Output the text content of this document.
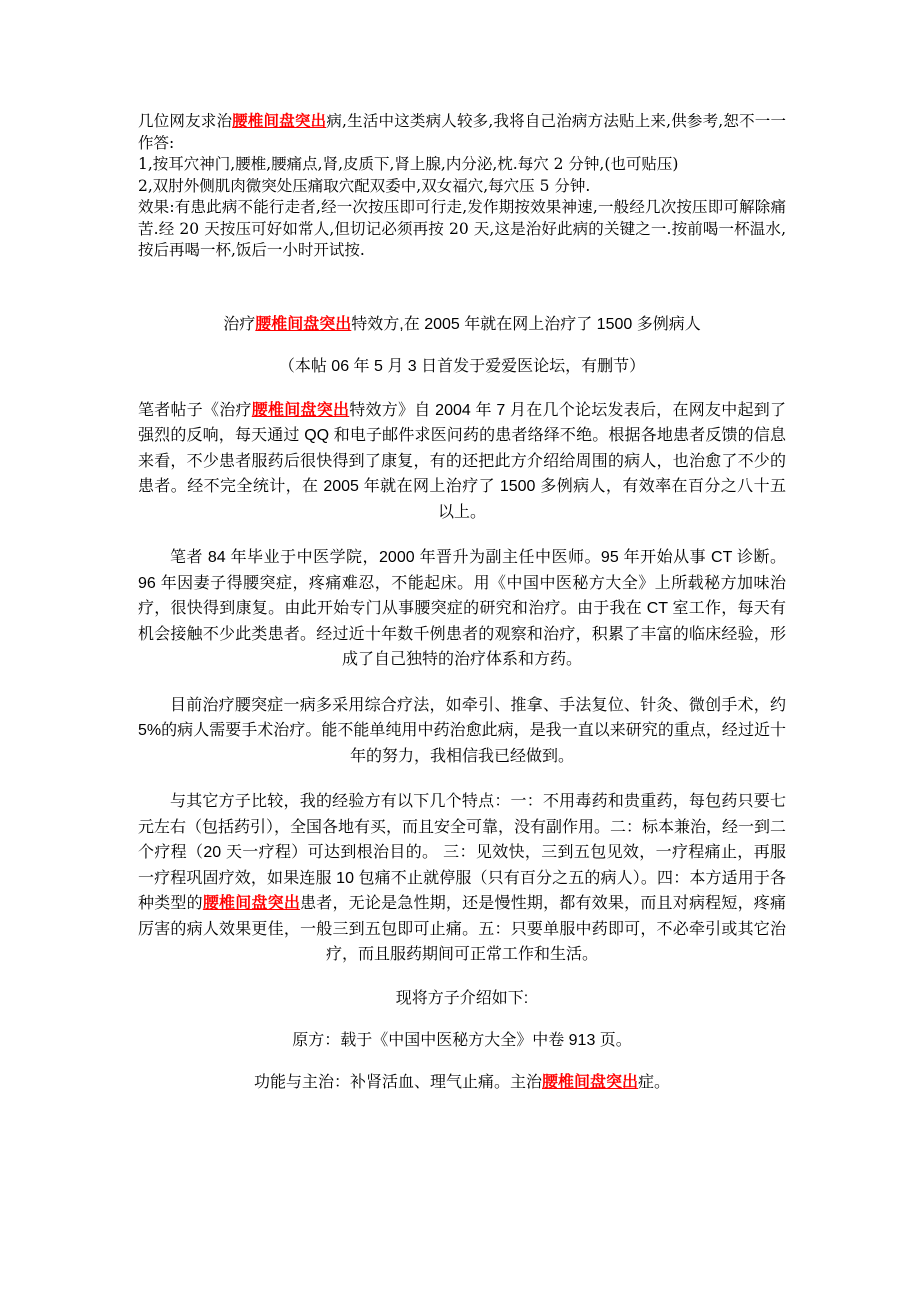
几位网友求治腰椎间盘突出病,生活中这类病人较多,我将自己治病方法贴上来,供参考,恕不一一作答:

1,按耳穴神门,腰椎,腰痛点,肾,皮质下,肾上腺,内分泌,枕.每穴 2 分钟,(也可贴压)

2,双肘外侧肌肉微突处压痛取穴配双委中,双女福穴,每穴压 5 分钟.

效果:有患此病不能行走者,经一次按压即可行走,发作期按效果神速,一般经几次按压即可解除痛苦.经 20 天按压可好如常人,但切记必须再按 20 天,这是治好此病的关键之一.按前喝一杯温水,按后再喝一杯,饭后一小时开试按.

治疗腰椎间盘突出特效方,在 2005 年就在网上治疗了 1500 多例病人

（本帖 06 年 5 月 3 日首发于爱爱医论坛，有删节）

笔者帖子《治疗腰椎间盘突出特效方》自 2004 年 7 月在几个论坛发表后，在网友中起到了强烈的反响，每天通过 QQ 和电子邮件求医问药的患者络绎不绝。根据各地患者反馈的信息来看，不少患者服药后很快得到了康复，有的还把此方介绍给周围的病人，也治愈了不少的患者。经不完全统计，在 2005 年就在网上治疗了 1500 多例病人，有效率在百分之八十五以上。
笔者 84 年毕业于中医学院，2000 年晋升为副主任中医师。95 年开始从事 CT 诊断。96 年因妻子得腰突症，疼痛难忍，不能起床。用《中国中医秘方大全》上所载秘方加味治疗，很快得到康复。由此开始专门从事腰突症的研究和治疗。由于我在 CT 室工作，每天有机会接触不少此类患者。经过近十年数千例患者的观察和治疗，积累了丰富的临床经验，形成了自己独特的治疗体系和方药。
目前治疗腰突症一病多采用综合疗法，如牵引、推拿、手法复位、针灸、微创手术，约 5%的病人需要手术治疗。能不能单纯用中药治愈此病，是我一直以来研究的重点，经过近十年的努力，我相信我已经做到。
与其它方子比较，我的经验方有以下几个特点：一：不用毒药和贵重药，每包药只要七元左右（包括药引），全国各地有买，而且安全可靠，没有副作用。二：标本兼治，经一到二个疗程（20 天一疗程）可达到根治目的。 三：见效快，三到五包见效，一疗程痛止，再服一疗程巩固疗效，如果连服 10 包痛不止就停服（只有百分之五的病人）。四：本方适用于各种类型的腰椎间盘突出患者，无论是急性期，还是慢性期，都有效果，而且对病程短，疼痛厉害的病人效果更佳，一般三到五包即可止痛。五：只要单服中药即可，不必牵引或其它治疗，而且服药期间可正常工作和生活。

现将方子介绍如下:

原方：载于《中国中医秘方大全》中卷 913 页。

功能与主治：补肾活血、理气止痛。主治腰椎间盘突出症。
